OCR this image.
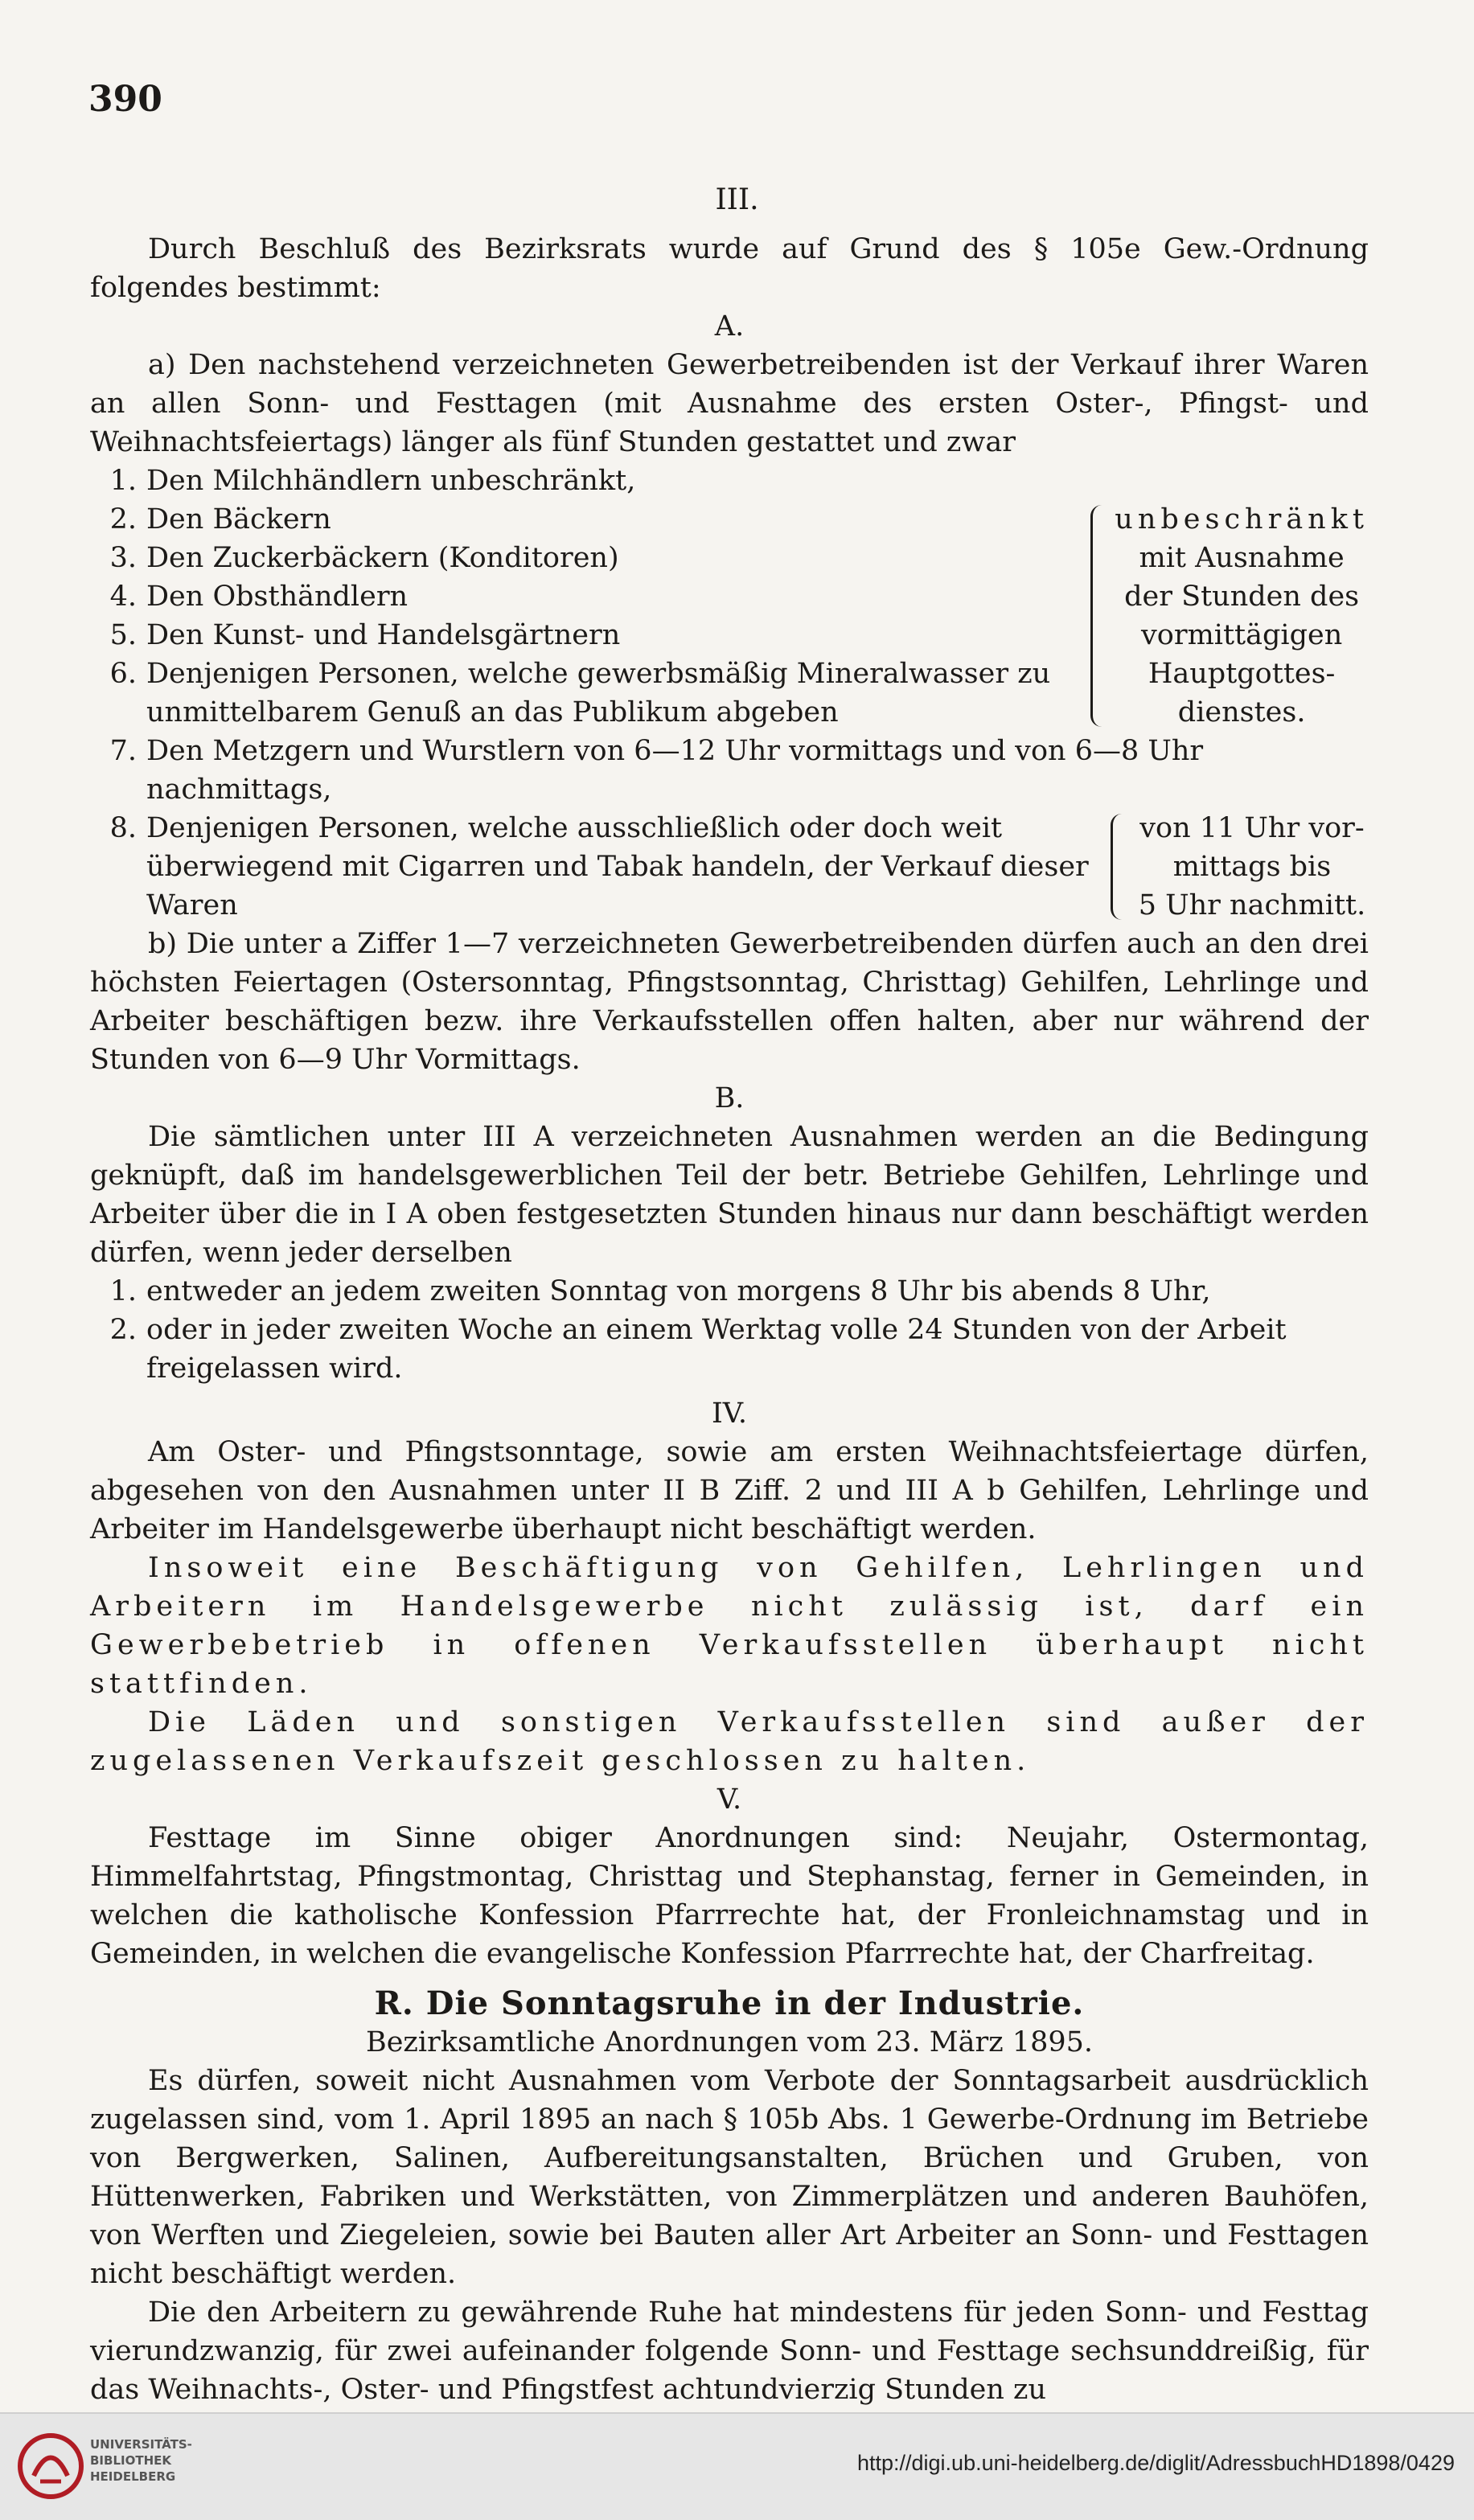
390
III.

Durch Beschluß des Bezirksrats wurde auf Grund des § 105e Gew.-Ordnung folgendes bestimmt:

A.

a) Den nachstehend verzeichneten Gewerbetreibenden ist der Verkauf ihrer Waren an allen Sonn- und Festtagen (mit Ausnahme des ersten Oster-, Pfingst- und Weihnachtsfeiertags) länger als fünf Stunden gestattet und zwar

1. Den Milchhändlern unbeschränkt,
2. Den Bäckern
3. Den Zuckerbäckern (Konditoren)
4. Den Obsthändlern
5. Den Kunst- und Handelsgärtnern
6. Denjenigen Personen, welche gewerbsmäßig Mineralwasser zu unmittelbarem Genuß an das Publikum abgeben
unbeschränkt
mit Ausnahme
der Stunden des
vormittägigen
Hauptgottes-
dienstes.
7. Den Metzgern und Wurstlern von 6—12 Uhr vormittags und von 6—8 Uhr nachmittags,
8. Denjenigen Personen, welche ausschließlich oder doch weit überwiegend mit Cigarren und Tabak handeln, der Verkauf dieser Waren
von 11 Uhr vor-
mittags bis
5 Uhr nachmitt.

b) Die unter a Ziffer 1—7 verzeichneten Gewerbetreibenden dürfen auch an den drei höchsten Feiertagen (Ostersonntag, Pfingstsonntag, Christtag) Gehilfen, Lehrlinge und Arbeiter beschäftigen bezw. ihre Verkaufsstellen offen halten, aber nur während der Stunden von 6—9 Uhr Vormittags.

B.

Die sämtlichen unter III A verzeichneten Ausnahmen werden an die Bedingung geknüpft, daß im handelsgewerblichen Teil der betr. Betriebe Gehilfen, Lehrlinge und Arbeiter über die in I A oben festgesetzten Stunden hinaus nur dann beschäftigt werden dürfen, wenn jeder derselben

1. entweder an jedem zweiten Sonntag von morgens 8 Uhr bis abends 8 Uhr,
2. oder in jeder zweiten Woche an einem Werktag volle 24 Stunden von der Arbeit freigelassen wird.
IV.

Am Oster- und Pfingstsonntage, sowie am ersten Weihnachtsfeiertage dürfen, abgesehen von den Ausnahmen unter II B Ziff. 2 und III A b Gehilfen, Lehrlinge und Arbeiter im Handelsgewerbe überhaupt nicht beschäftigt werden.

Insoweit eine Beschäftigung von Gehilfen, Lehrlingen und Arbeitern im Handelsgewerbe nicht zulässig ist, darf ein Gewerbebetrieb in offenen Verkaufsstellen überhaupt nicht stattfinden.

Die Läden und sonstigen Verkaufsstellen sind außer der zugelassenen Verkaufszeit geschlossen zu halten.

V.

Festtage im Sinne obiger Anordnungen sind: Neujahr, Ostermontag, Himmelfahrtstag, Pfingstmontag, Christtag und Stephanstag, ferner in Gemeinden, in welchen die katholische Konfession Pfarrrechte hat, der Fronleichnamstag und in Gemeinden, in welchen die evangelische Konfession Pfarrrechte hat, der Charfreitag.

R. Die Sonntagsruhe in der Industrie.
Bezirksamtliche Anordnungen vom 23. März 1895.

Es dürfen, soweit nicht Ausnahmen vom Verbote der Sonntagsarbeit ausdrücklich zugelassen sind, vom 1. April 1895 an nach § 105b Abs. 1 Gewerbe-Ordnung im Betriebe von Bergwerken, Salinen, Aufbereitungsanstalten, Brüchen und Gruben, von Hüttenwerken, Fabriken und Werkstätten, von Zimmerplätzen und anderen Bauhöfen, von Werften und Ziegeleien, sowie bei Bauten aller Art Arbeiter an Sonn- und Festtagen nicht beschäftigt werden.

Die den Arbeitern zu gewährende Ruhe hat mindestens für jeden Sonn- und Festtag vierundzwanzig, für zwei aufeinander folgende Sonn- und Festtage sechsunddreißig, für das Weihnachts-, Oster- und Pfingstfest achtundvierzig Stunden zu

UNIVERSITÄTS-
BIBLIOTHEK
HEIDELBERG
http://digi.ub.uni-heidelberg.de/diglit/AdressbuchHD1898/0429
